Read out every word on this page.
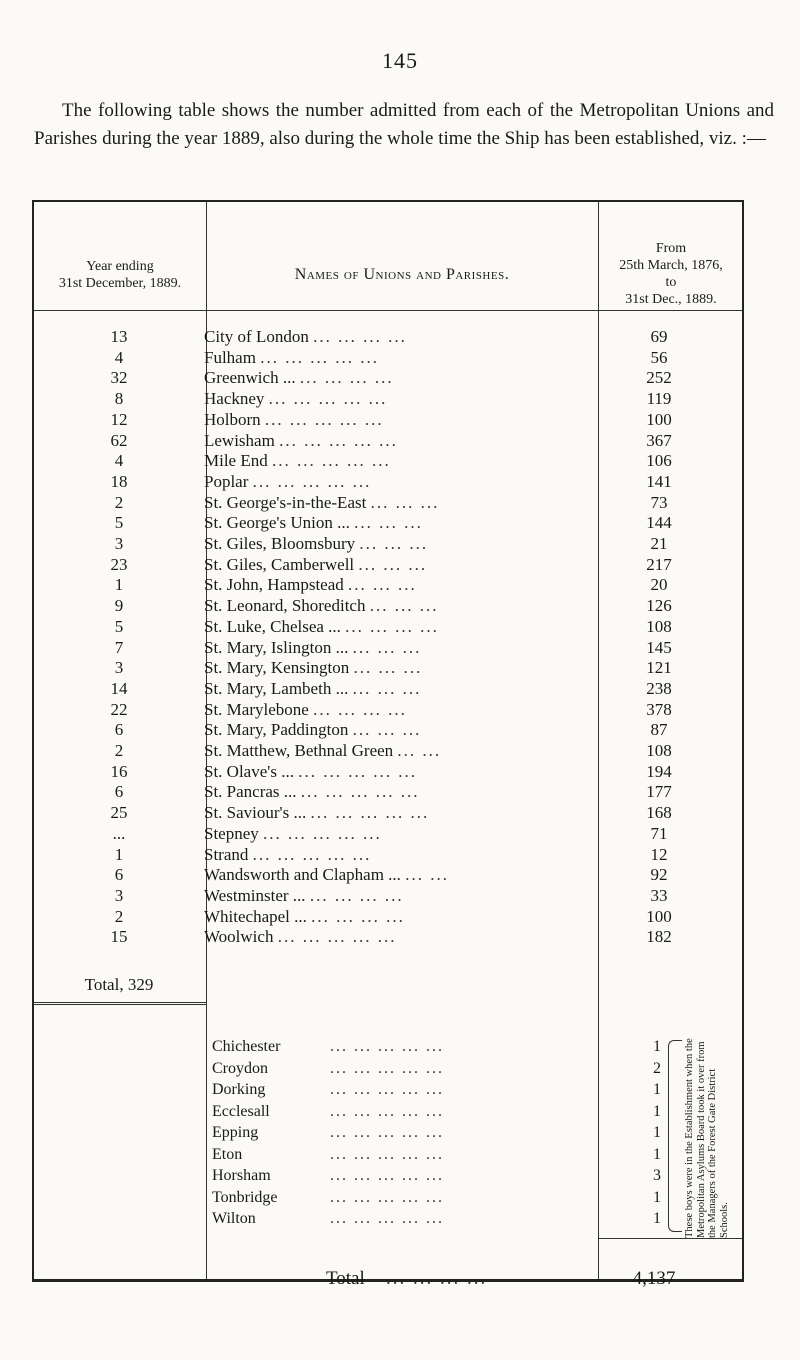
145
The following table shows the number admitted from each of the Metropolitan Unions and Parishes during the year 1889, also during the whole time the Ship has been established, viz. :—
Year ending
31st December, 1889.
Names of Unions and Parishes.
From
25th March, 1876,
to
31st Dec., 1889.
13	City of London ... ... ... ...	69
4	Fulham ... ... ... ... ...	56
32	Greenwich ... ... ... ... ...	252
8	Hackney ... ... ... ... ...	119
12	Holborn ... ... ... ... ...	100
62	Lewisham ... ... ... ... ...	367
4	Mile End ... ... ... ... ...	106
18	Poplar ... ... ... ... ...	141
2	St. George's-in-the-East ... ... ...	73
5	St. George's Union ... ... ... ...	144
3	St. Giles, Bloomsbury ... ... ...	21
23	St. Giles, Camberwell ... ... ...	217
1	St. John, Hampstead ... ... ...	20
9	St. Leonard, Shoreditch ... ... ...	126
5	St. Luke, Chelsea ... ... ... ... ...	108
7	St. Mary, Islington ... ... ... ...	145
3	St. Mary, Kensington ... ... ...	121
14	St. Mary, Lambeth ... ... ... ...	238
22	St. Marylebone ... ... ... ...	378
6	St. Mary, Paddington ... ... ...	87
2	St. Matthew, Bethnal Green ... ...	108
16	St. Olave's ... ... ... ... ... ...	194
6	St. Pancras ... ... ... ... ... ...	177
25	St. Saviour's ... ... ... ... ... ...	168
...	Stepney ... ... ... ... ...	71
1	Strand ... ... ... ... ...	12
6	Wandsworth and Clapham ... ... ...	92
3	Westminster ... ... ... ... ...	33
2	Whitechapel ... ... ... ... ...	100
15	Woolwich ... ... ... ... ...	182
Total, 329
Chichester	... ... ... ... ...	1
Croydon	... ... ... ... ...	2
Dorking	... ... ... ... ...	1
Ecclesall	... ... ... ... ...	1
Epping	... ... ... ... ...	1
Eton	... ... ... ... ...	1
Horsham	... ... ... ... ...	3
Tonbridge	... ... ... ... ...	1
Wilton	... ... ... ... ...	1	These boys were in the Establishment when the Metropolitan Asylums Board took it over from the Managers of the Forest Gate District Schools.
Total ... ... ... ...	4,137
